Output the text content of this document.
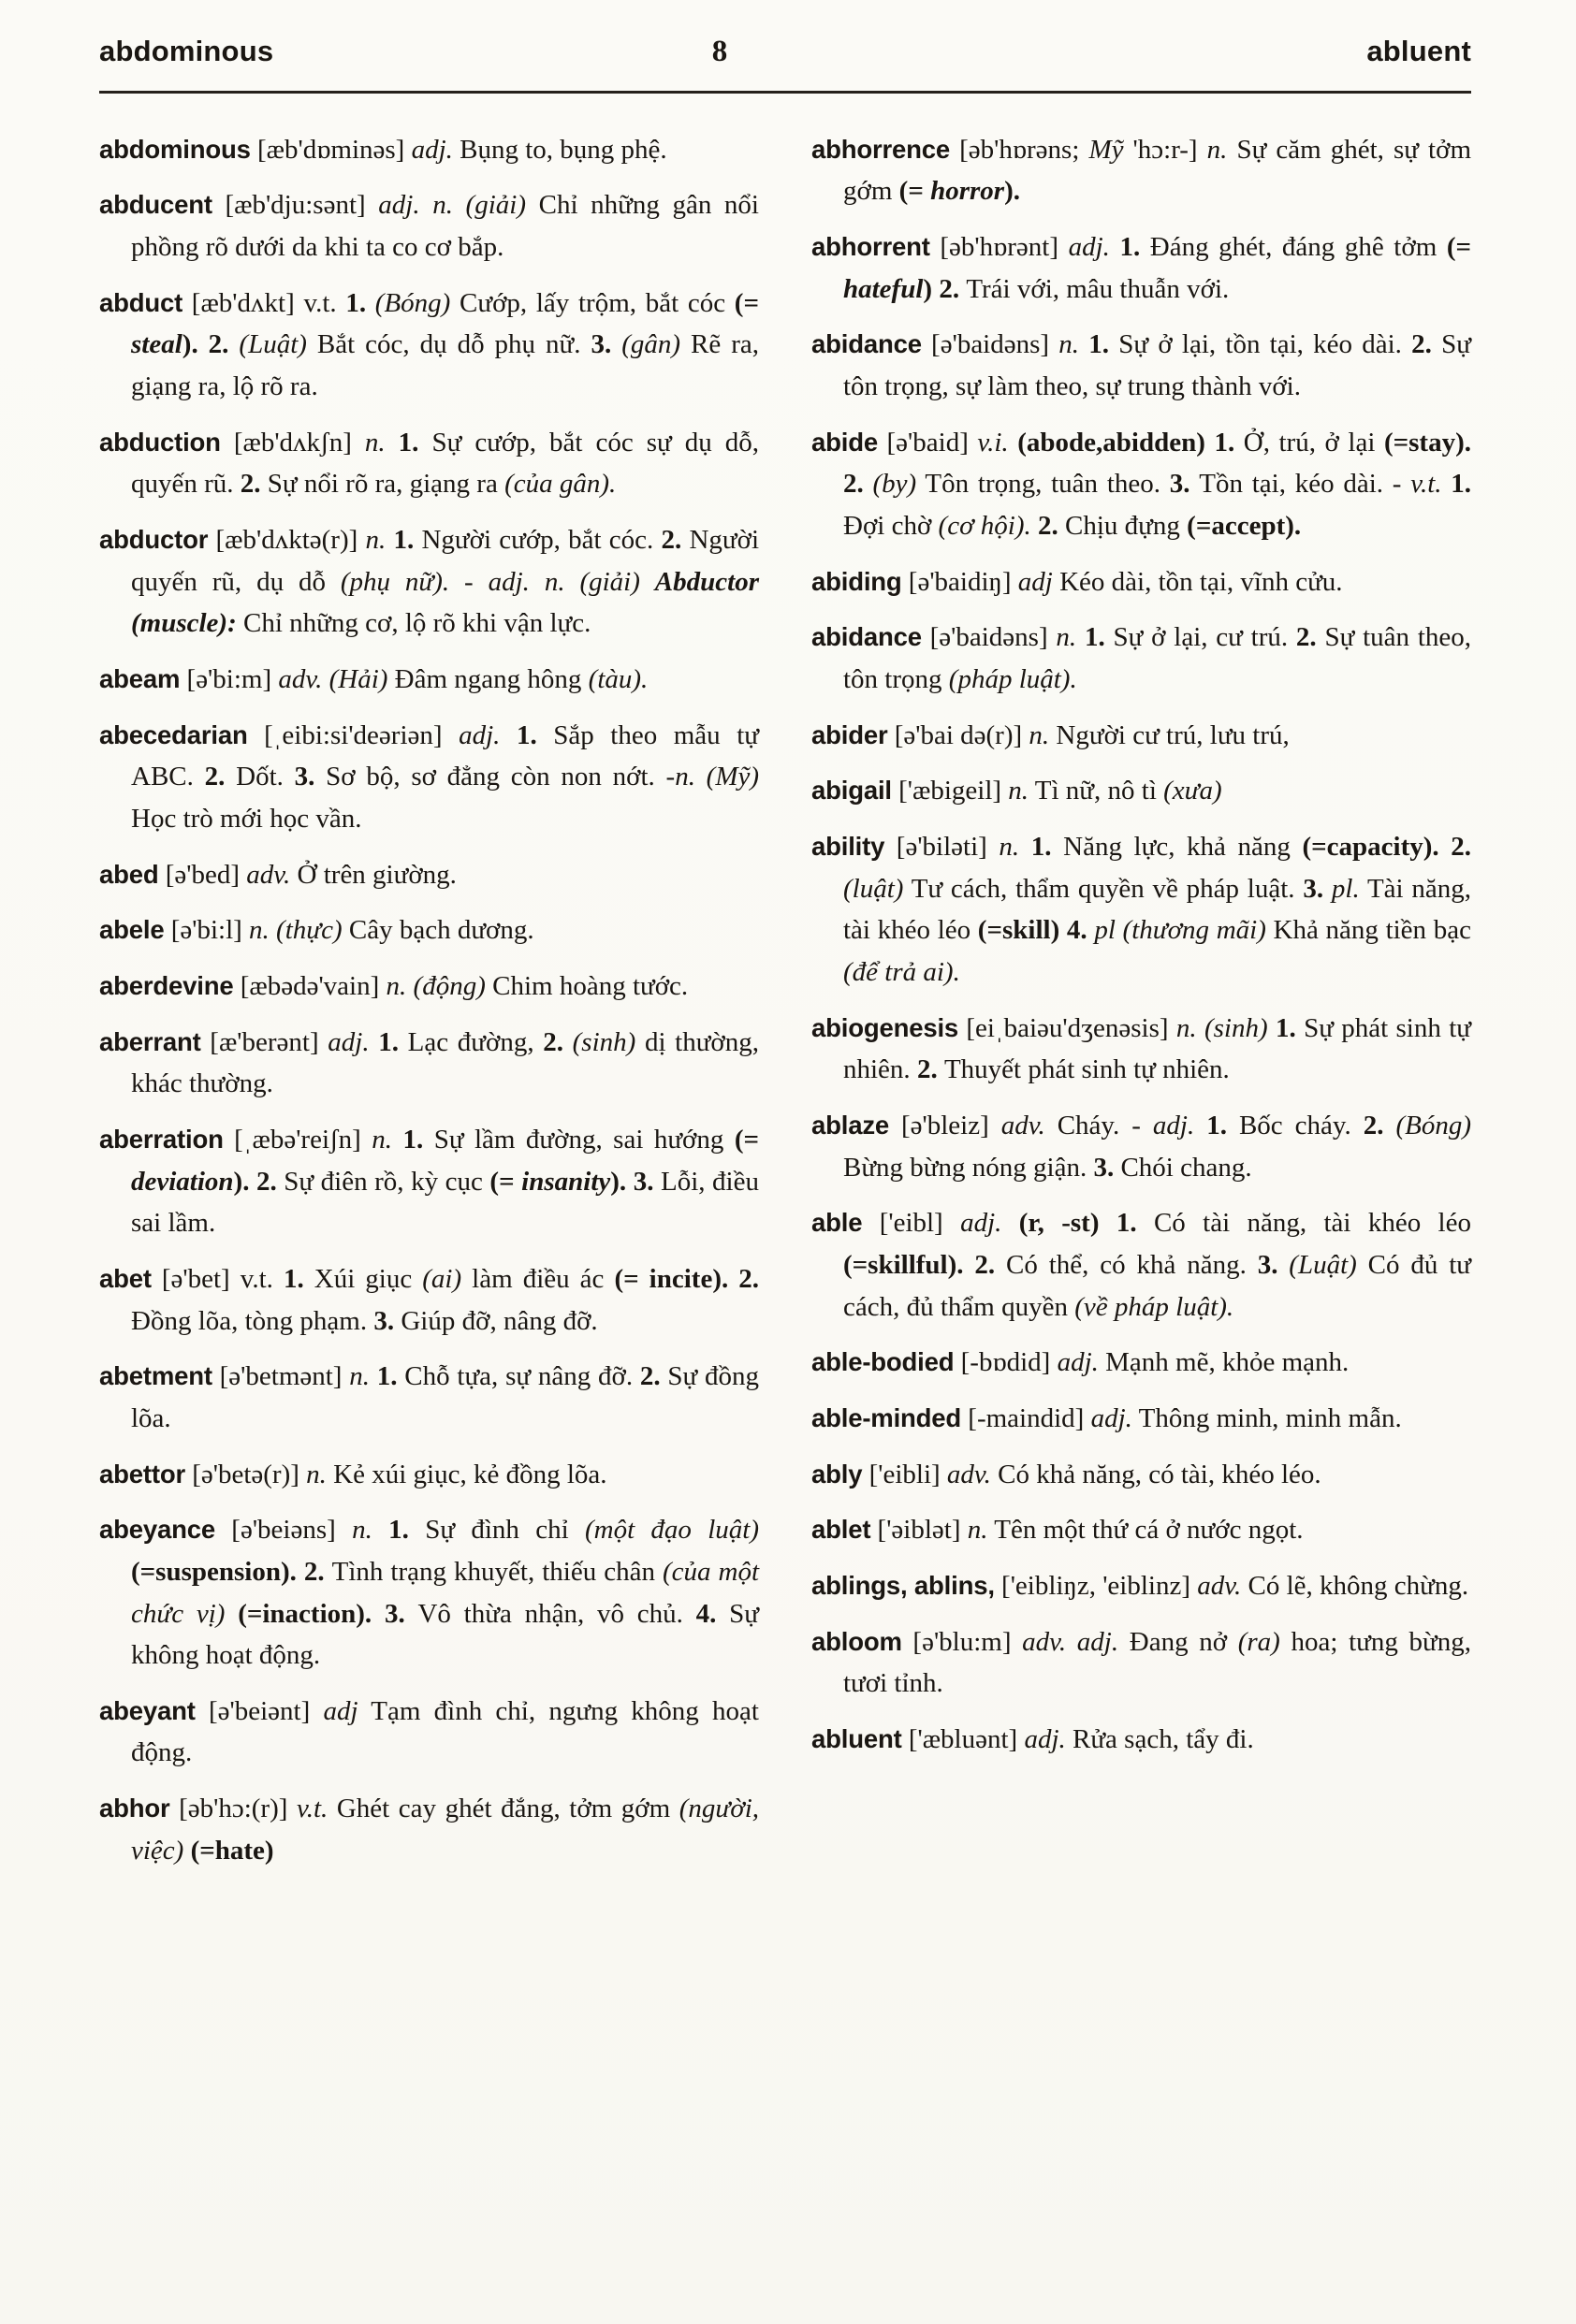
abdominous	8	abluent
abdominous [æb'dɒminəs] adj. Bụng to, bụng phệ.
abducent [æb'dju:sənt] adj. n. (giải) Chỉ những gân nổi phồng rõ dưới da khi ta co cơ bắp.
abduct [æb'dʌkt] v.t. 1. (Bóng) Cướp, lấy trộm, bắt cóc (= steal). 2. (Luật) Bắt cóc, dụ dỗ phụ nữ. 3. (gân) Rẽ ra, giạng ra, lộ rõ ra.
abduction [æb'dʌkʃn] n. 1. Sự cướp, bắt cóc sự dụ dỗ, quyến rũ. 2. Sự nổi rõ ra, giạng ra (của gân).
abductor [æb'dʌktə(r)] n. 1. Người cướp, bắt cóc. 2. Người quyến rũ, dụ dỗ (phụ nữ). - adj. n. (giải) Abductor (muscle): Chỉ những cơ, lộ rõ khi vận lực.
abeam [ə'bi:m] adv. (Hải) Đâm ngang hông (tàu).
abecedarian [ˌeibi:si'deəriən] adj. 1. Sắp theo mẫu tự ABC. 2. Dốt. 3. Sơ bộ, sơ đẳng còn non nớt. -n. (Mỹ) Học trò mới học vần.
abed [ə'bed] adv. Ở trên giường.
abele [ə'bi:l] n. (thực) Cây bạch dương.
aberdevine [æbədə'vain] n. (động) Chim hoàng tước.
aberrant [æ'berənt] adj. 1. Lạc đường, 2. (sinh) dị thường, khác thường.
aberration [ˌæbə'reiʃn] n. 1. Sự lầm đường, sai hướng (= deviation). 2. Sự điên rồ, kỳ cục (= insanity). 3. Lỗi, điều sai lầm.
abet [ə'bet] v.t. 1. Xúi giục (ai) làm điều ác (= incite). 2. Đồng lõa, tòng phạm. 3. Giúp đỡ, nâng đỡ.
abetment [ə'betmənt] n. 1. Chỗ tựa, sự nâng đỡ. 2. Sự đồng lõa.
abettor [ə'betə(r)] n. Kẻ xúi giục, kẻ đồng lõa.
abeyance [ə'beiəns] n. 1. Sự đình chỉ (một đạo luật) (=suspension). 2. Tình trạng khuyết, thiếu chân (của một chức vị) (=inaction). 3. Vô thừa nhận, vô chủ. 4. Sự không hoạt động.
abeyant [ə'beiənt] adj Tạm đình chỉ, ngưng không hoạt động.
abhor [əb'hɔ:(r)] v.t. Ghét cay ghét đắng, tởm gớm (người, việc) (=hate)
abhorrence [əb'hɒrəns; Mỹ 'hɔ:r-] n. Sự căm ghét, sự tởm gớm (= horror).
abhorrent [əb'hɒrənt] adj. 1. Đáng ghét, đáng ghê tởm (= hateful) 2. Trái với, mâu thuẫn với.
abidance [ə'baidəns] n. 1. Sự ở lại, tồn tại, kéo dài. 2. Sự tôn trọng, sự làm theo, sự trung thành với.
abide [ə'baid] v.i. (abode,abidden) 1. Ở, trú, ở lại (=stay). 2. (by) Tôn trọng, tuân theo. 3. Tồn tại, kéo dài. - v.t. 1. Đợi chờ (cơ hội). 2. Chịu đựng (=accept).
abiding [ə'baidiŋ] adj Kéo dài, tồn tại, vĩnh cửu.
abidance [ə'baidəns] n. 1. Sự ở lại, cư trú. 2. Sự tuân theo, tôn trọng (pháp luật).
abider [ə'bai də(r)] n. Người cư trú, lưu trú,
abigail ['æbigeil] n. Tì nữ, nô tì (xưa)
ability [ə'biləti] n. 1. Năng lực, khả năng (=capacity). 2. (luật) Tư cách, thẩm quyền về pháp luật. 3. pl. Tài năng, tài khéo léo (=skill) 4. pl (thương mãi) Khả năng tiền bạc (để trả ai).
abiogenesis [eiˌbaiəu'dʒenəsis] n. (sinh) 1. Sự phát sinh tự nhiên. 2. Thuyết phát sinh tự nhiên.
ablaze [ə'bleiz] adv. Cháy. - adj. 1. Bốc cháy. 2. (Bóng) Bừng bừng nóng giận. 3. Chói chang.
able ['eibl] adj. (r, -st) 1. Có tài năng, tài khéo léo (=skillful). 2. Có thể, có khả năng. 3. (Luật) Có đủ tư cách, đủ thẩm quyền (về pháp luật).
able-bodied [-bɒdid] adj. Mạnh mẽ, khỏe mạnh.
able-minded [-maindid] adj. Thông minh, minh mẫn.
ably ['eibli] adv. Có khả năng, có tài, khéo léo.
ablet ['əiblət] n. Tên một thứ cá ở nước ngọt.
ablings, ablins, ['eibliŋz, 'eiblinz] adv. Có lẽ, không chừng.
abloom [ə'blu:m] adv. adj. Đang nở (ra) hoa; tưng bừng, tươi tỉnh.
abluent ['æbluənt] adj. Rửa sạch, tẩy đi.
